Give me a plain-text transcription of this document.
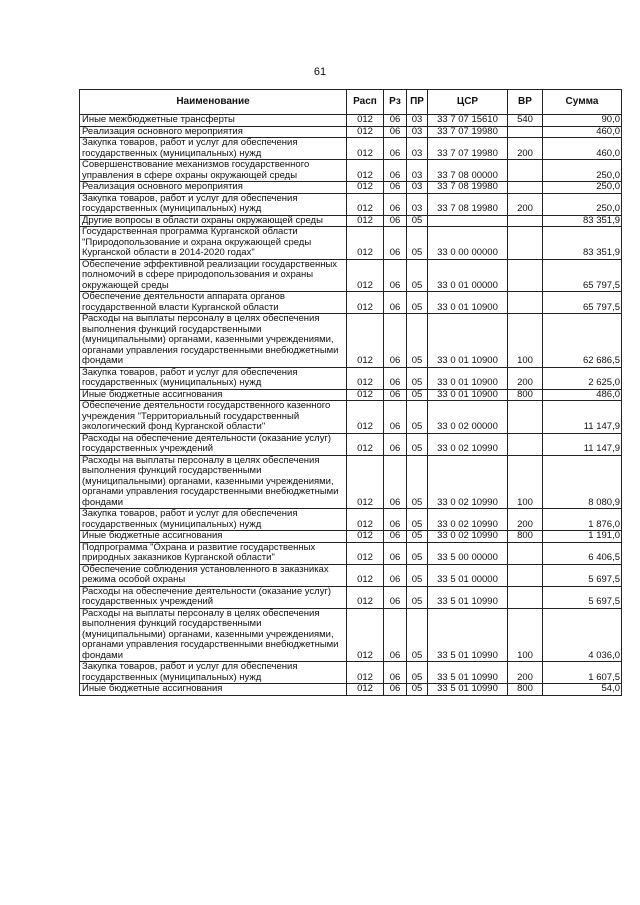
61
Наименование	Расп	Рз	ПР	ЦСР	ВР	Сумма
Иные межбюджетные трансферты	012	06	03	33 7 07 15610	540	90,0
Реализация основного мероприятия	012	06	03	33 7 07 19980		460,0
Закупка товаров, работ и услуг для обеспечения государственных (муниципальных) нужд	012	06	03	33 7 07 19980	200	460,0
Совершенствование механизмов государственного управления в сфере охраны окружающей среды	012	06	03	33 7 08 00000		250,0
Реализация основного мероприятия	012	06	03	33 7 08 19980		250,0
Закупка товаров, работ и услуг для обеспечения государственных (муниципальных) нужд	012	06	03	33 7 08 19980	200	250,0
Другие вопросы в области охраны окружающей среды	012	06	05			83 351,9
Государственная программа Курганской области "Природопользование и охрана окружающей среды Курганской области в 2014-2020 годах"	012	06	05	33 0 00 00000		83 351,9
Обеспечение эффективной реализации государственных полномочий в сфере природопользования и охраны окружающей среды	012	06	05	33 0 01 00000		65 797,5
Обеспечение деятельности аппарата органов государственной власти Курганской области	012	06	05	33 0 01 10900		65 797,5
Расходы на выплаты персоналу в целях обеспечения выполнения функций государственными (муниципальными) органами, казенными учреждениями, органами управления государственными внебюджетными фондами	012	06	05	33 0 01 10900	100	62 686,5
Закупка товаров, работ и услуг для обеспечения государственных (муниципальных) нужд	012	06	05	33 0 01 10900	200	2 625,0
Иные бюджетные ассигнования	012	06	05	33 0 01 10900	800	486,0
Обеспечение деятельности государственного казенного учреждения "Территориальный государственный экологический фонд Курганской области"	012	06	05	33 0 02 00000		11 147,9
Расходы на обеспечение деятельности (оказание услуг) государственных учреждений	012	06	05	33 0 02 10990		11 147,9
Расходы на выплаты персоналу в целях обеспечения выполнения функций государственными (муниципальными) органами, казенными учреждениями, органами управления государственными внебюджетными фондами	012	06	05	33 0 02 10990	100	8 080,9
Закупка товаров, работ и услуг для обеспечения государственных (муниципальных) нужд	012	06	05	33 0 02 10990	200	1 876,0
Иные бюджетные ассигнования	012	06	05	33 0 02 10990	800	1 191,0
Подпрограмма "Охрана и развитие государственных природных заказников Курганской области"	012	06	05	33 5 00 00000		6 406,5
Обеспечение соблюдения установленного в заказниках режима особой охраны	012	06	05	33 5 01 00000		5 697,5
Расходы на обеспечение деятельности (оказание услуг) государственных учреждений	012	06	05	33 5 01 10990		5 697,5
Расходы на выплаты персоналу в целях обеспечения выполнения функций государственными (муниципальными) органами, казенными учреждениями, органами управления государственными внебюджетными фондами	012	06	05	33 5 01 10990	100	4 036,0
Закупка товаров, работ и услуг для обеспечения государственных (муниципальных) нужд	012	06	05	33 5 01 10990	200	1 607,5
Иные бюджетные ассигнования	012	06	05	33 5 01 10990	800	54,0
